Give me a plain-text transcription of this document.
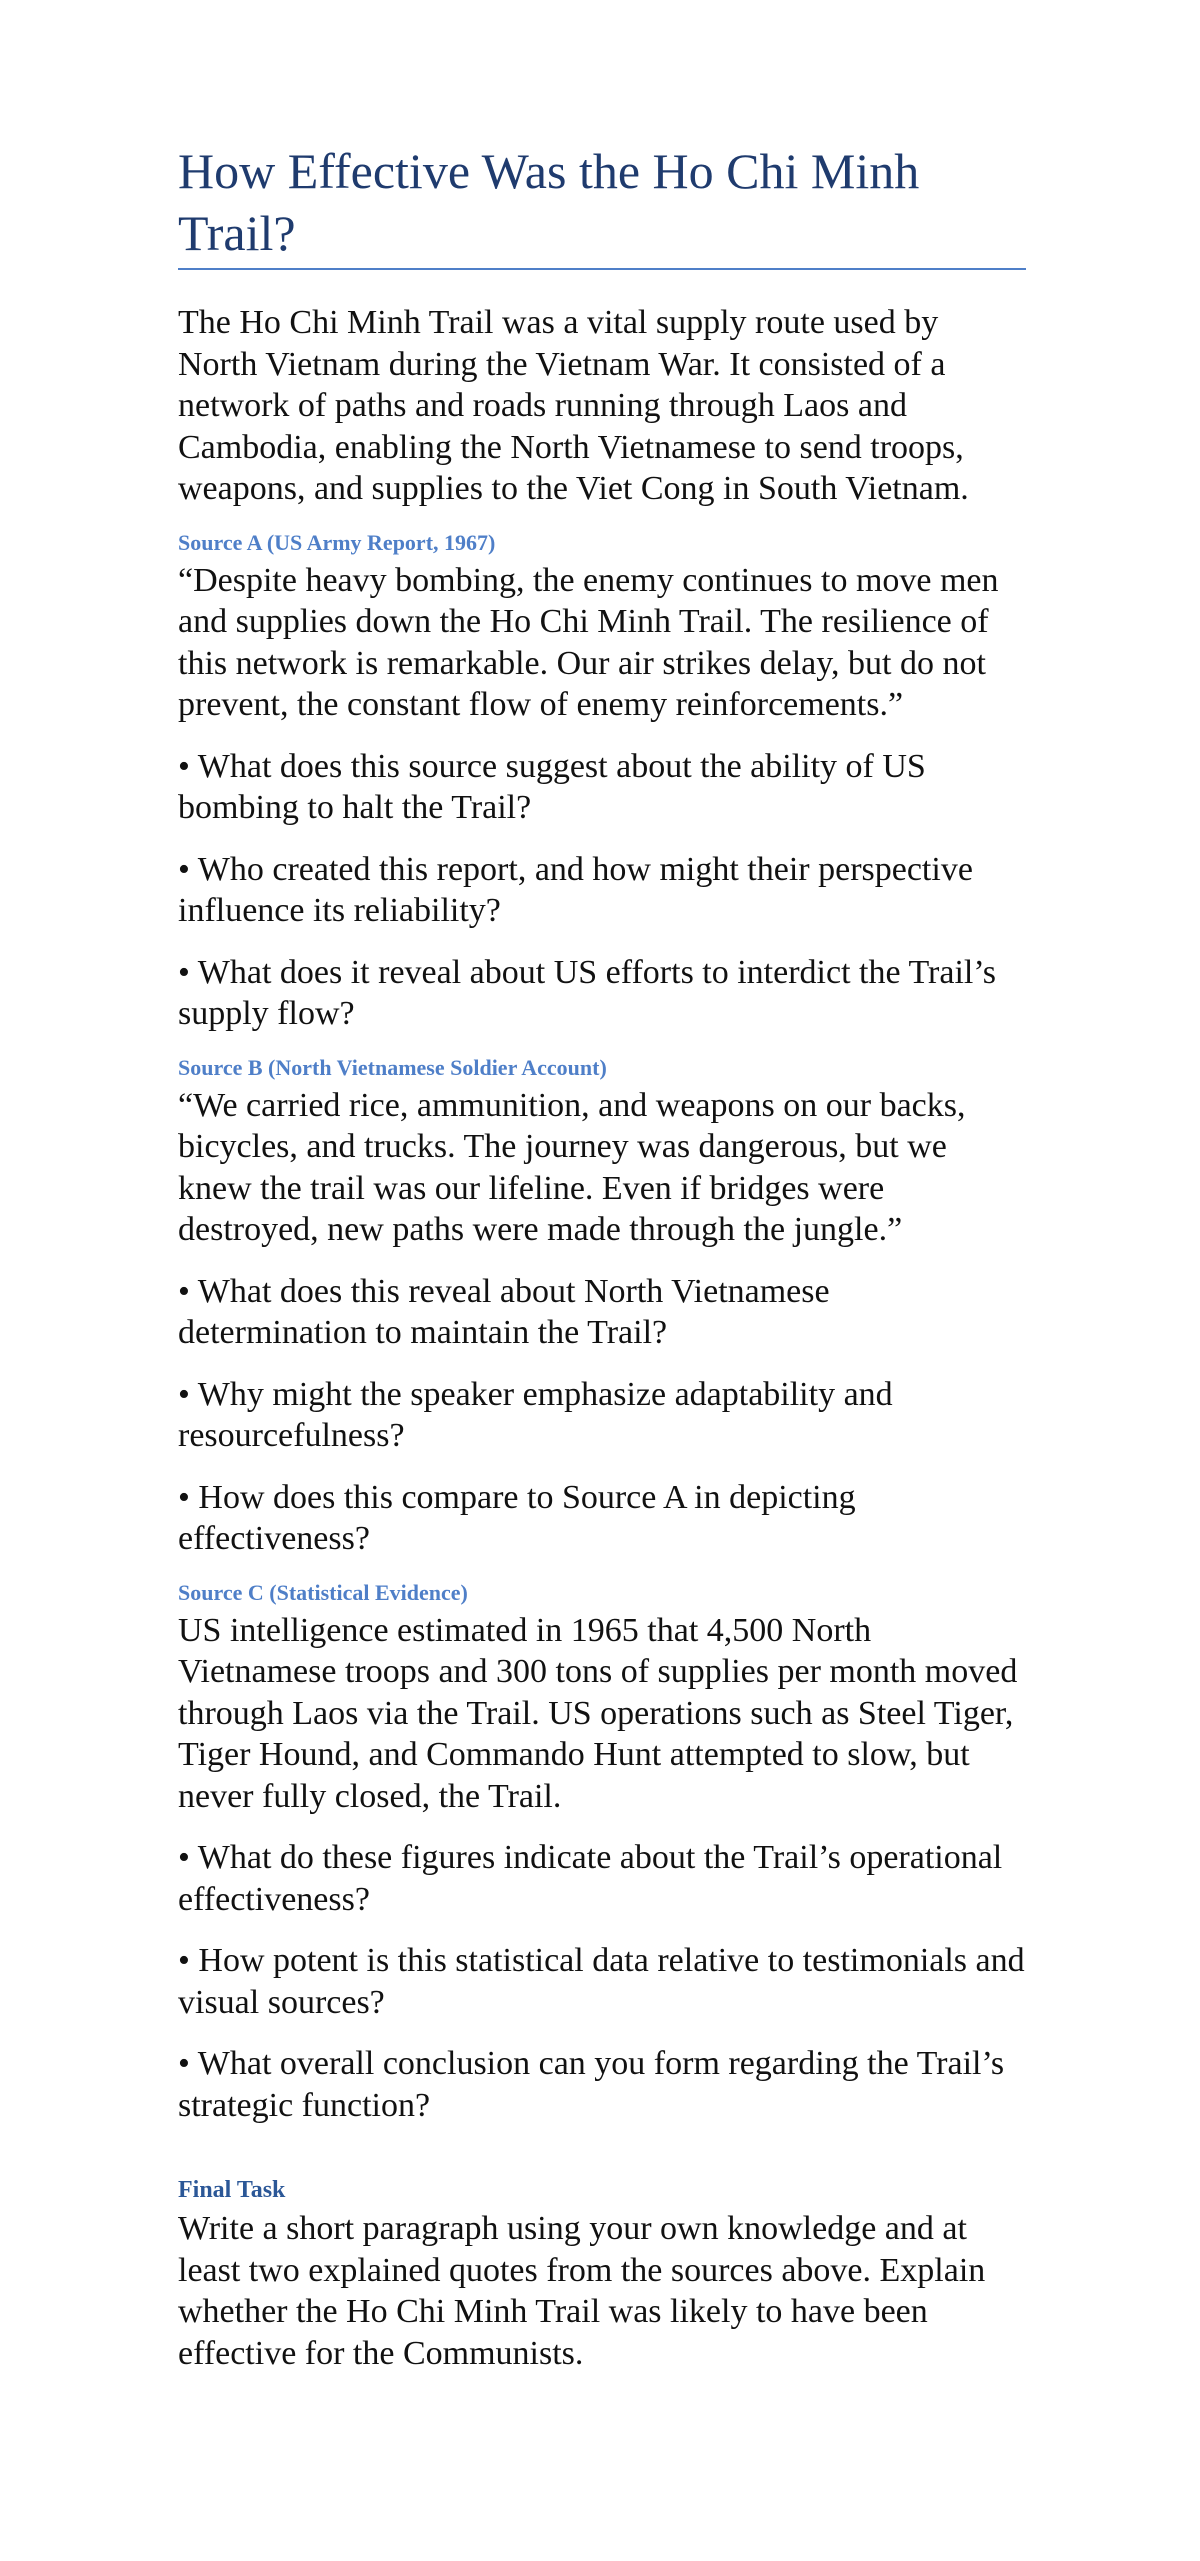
How Effective Was the Ho Chi Minh Trail?

The Ho Chi Minh Trail was a vital supply route used by North Vietnam during the Vietnam War. It consisted of a network of paths and roads running through Laos and Cambodia, enabling the North Vietnamese to send troops, weapons, and supplies to the Viet Cong in South Vietnam.

Source A (US Army Report, 1967)

“Despite heavy bombing, the enemy continues to move men and supplies down the Ho Chi Minh Trail. The resilience of this network is remarkable. Our air strikes delay, but do not prevent, the constant flow of enemy reinforcements.”

• What does this source suggest about the ability of US bombing to halt the Trail?

• Who created this report, and how might their perspective influence its reliability?

• What does it reveal about US efforts to interdict the Trail’s supply flow?

Source B (North Vietnamese Soldier Account)

“We carried rice, ammunition, and weapons on our backs, bicycles, and trucks. The journey was dangerous, but we knew the trail was our lifeline. Even if bridges were destroyed, new paths were made through the jungle.”

• What does this reveal about North Vietnamese determination to maintain the Trail?

• Why might the speaker emphasize adaptability and resourcefulness?

• How does this compare to Source A in depicting effectiveness?

Source C (Statistical Evidence)

US intelligence estimated in 1965 that 4,500 North Vietnamese troops and 300 tons of supplies per month moved through Laos via the Trail. US operations such as Steel Tiger, Tiger Hound, and Commando Hunt attempted to slow, but never fully closed, the Trail.

• What do these figures indicate about the Trail’s operational effectiveness?

• How potent is this statistical data relative to testimonials and visual sources?

• What overall conclusion can you form regarding the Trail’s strategic function?

Final Task

Write a short paragraph using your own knowledge and at least two explained quotes from the sources above. Explain whether the Ho Chi Minh Trail was likely to have been effective for the Communists.
